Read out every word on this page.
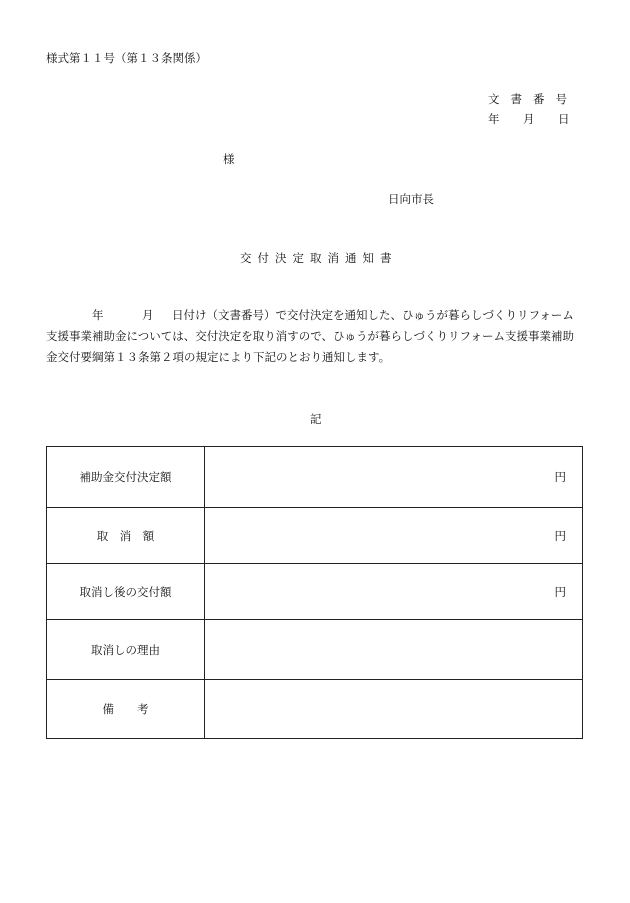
様式第１１号（第１３条関係）
文書番号
年 月 日
様
日向市長
交付決定取消通知書
年	月 日付け（文書番号）で交付決定を通知した、ひゅうが暮らしづくりリフォーム
支援事業補助金については、交付決定を取り消すので、ひゅうが暮らしづくりリフォーム支援事業補助
金交付要綱第１３条第２項の規定により下記のとおり通知します。
記
補助金交付決定額	円
取　消　額	円
取消し後の交付額	円
取消しの理由	
備　　考	
